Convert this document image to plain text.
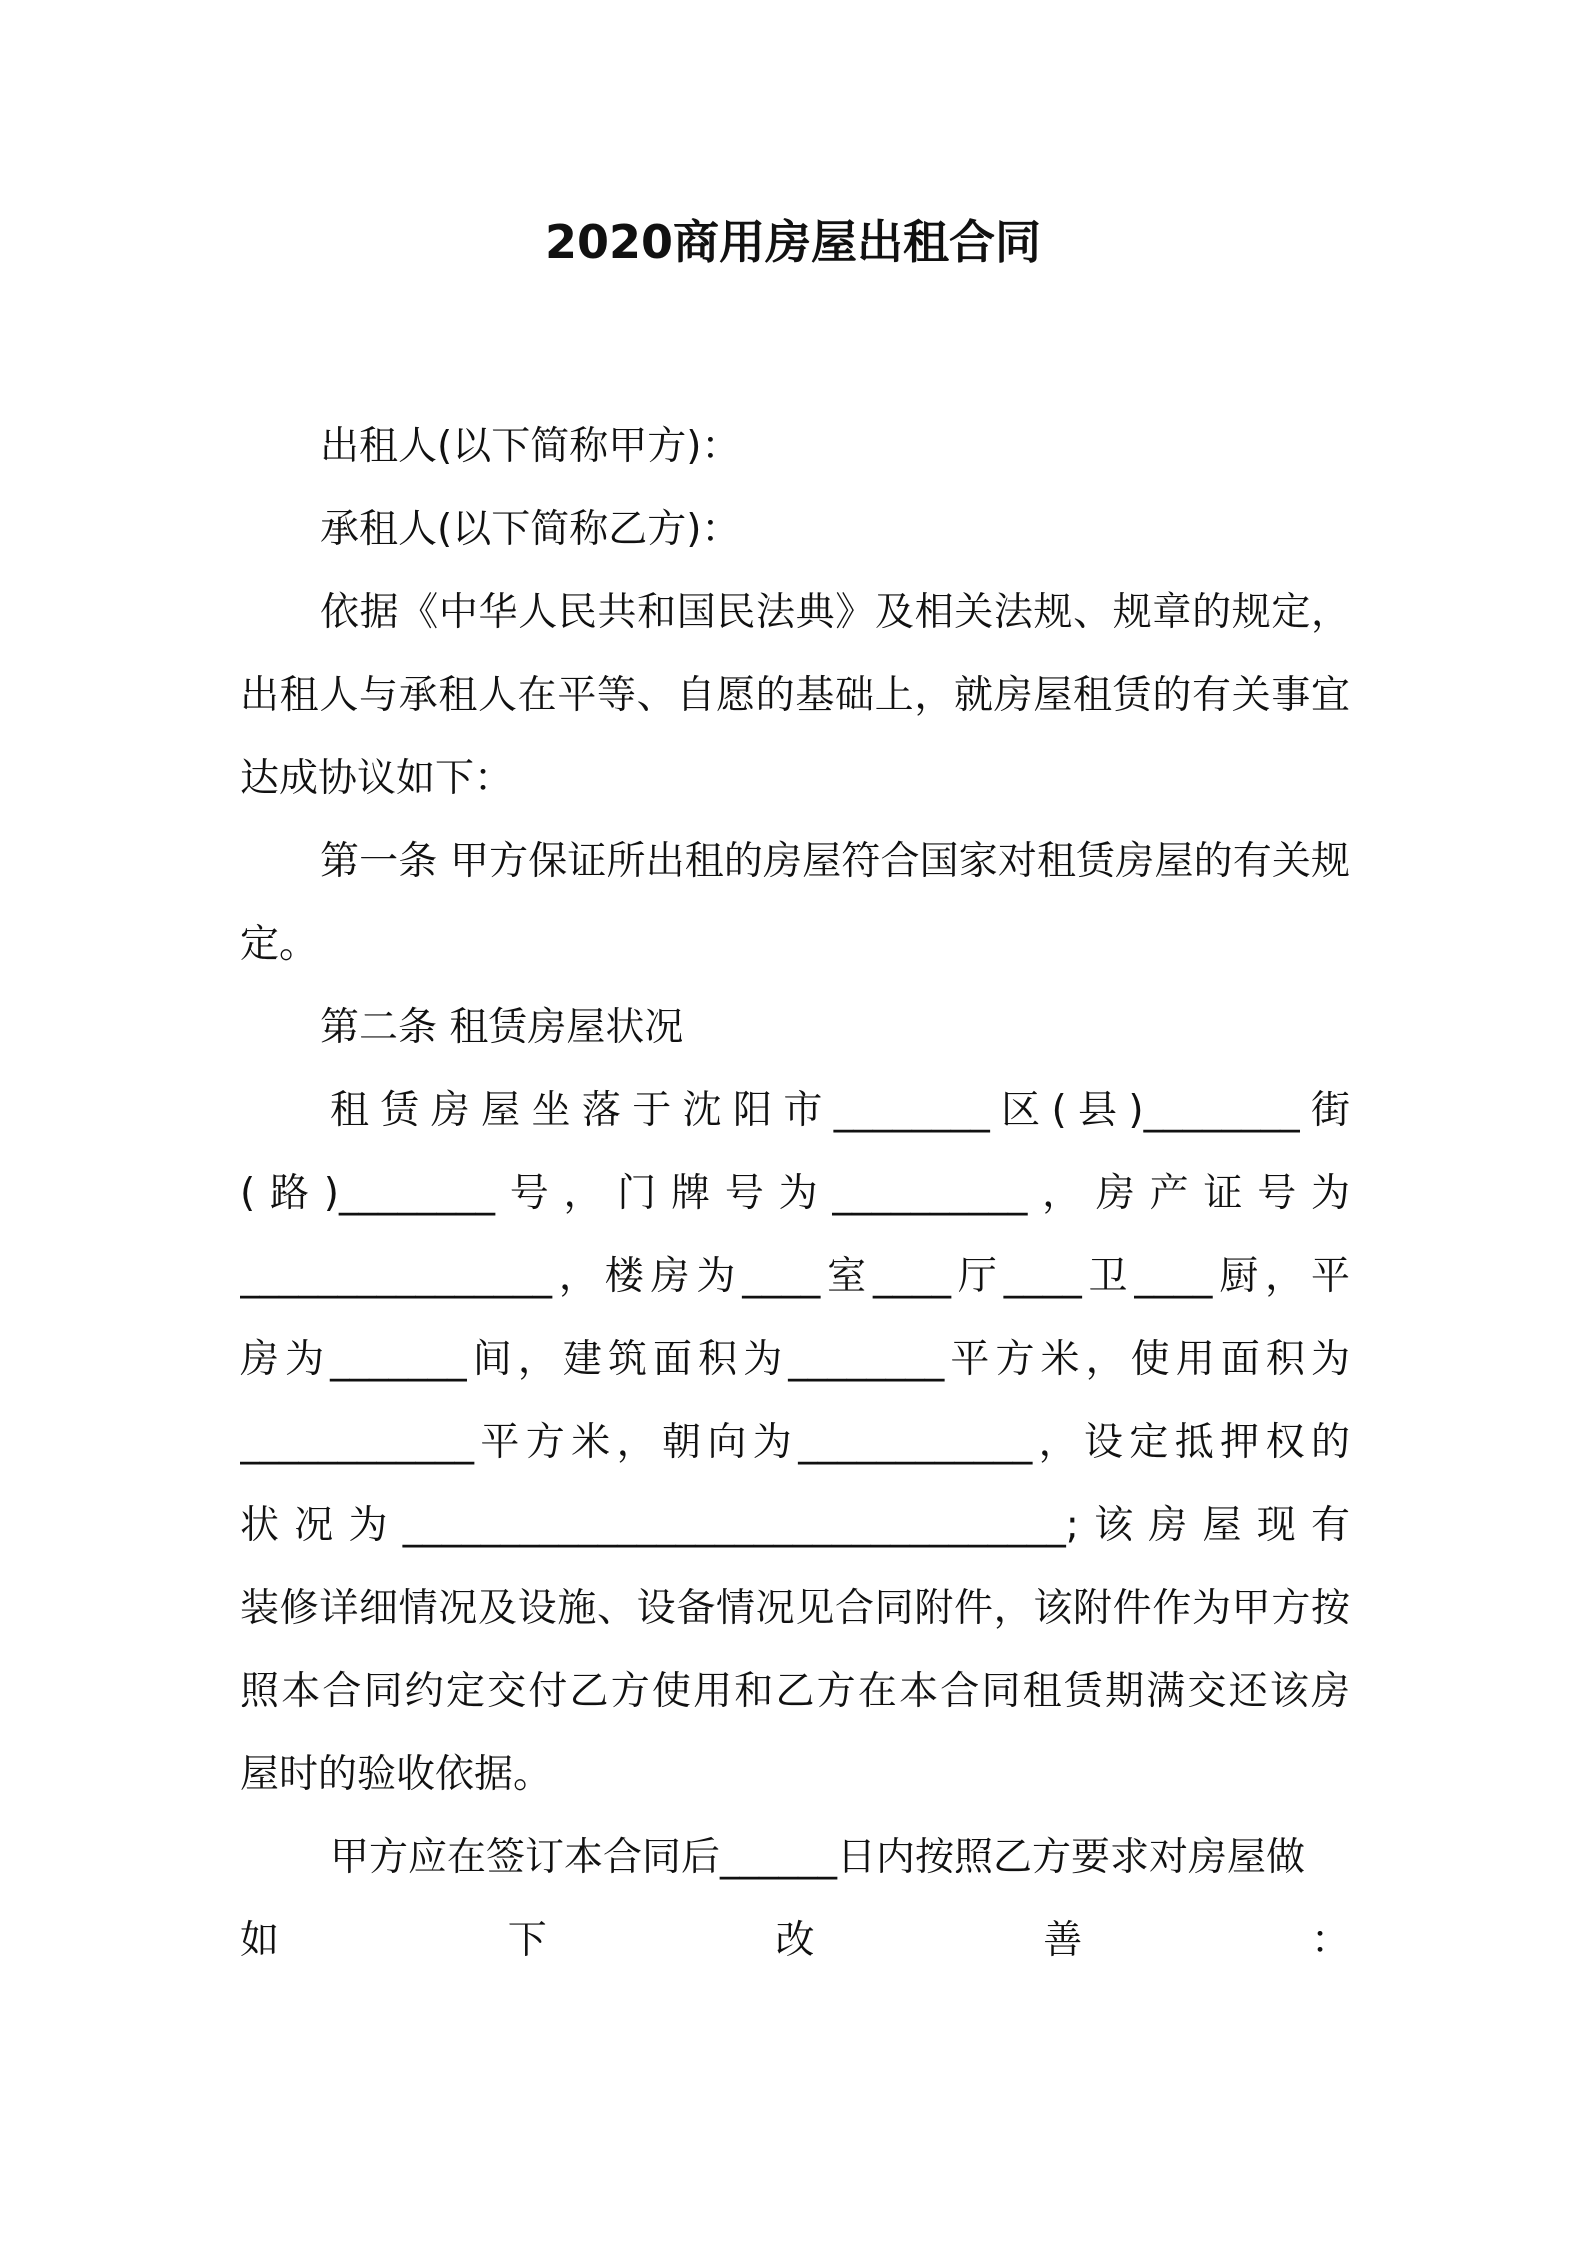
2020商用房屋出租合同

出租人(以下简称甲方)：

承租人(以下简称乙方)：

依据《中华人民共和国民法典》及相关法规、规章的规定，出租人与承租人在平等、自愿的基础上，就房屋租赁的有关事宜达成协议如下：

第一条 甲方保证所出租的房屋符合国家对租赁房屋的有关规定。

第二条 租赁房屋状况

租赁房屋坐落于沈阳市________区(县)________街

(路)________号，门牌号为__________，房产证号为

________________，楼房为____室____厅____卫____厨，平

房为_______间，建筑面积为________平方米，使用面积为

____________平方米，朝向为____________，设定抵押权的

状况为__________________________________;该房屋现有

装修详细情况及设施、设备情况见合同附件，该附件作为甲方按

照本合同约定交付乙方使用和乙方在本合同租赁期满交还该房

屋时的验收依据。

甲方应在签订本合同后______日内按照乙方要求对房屋做

如	下	改	善	：
